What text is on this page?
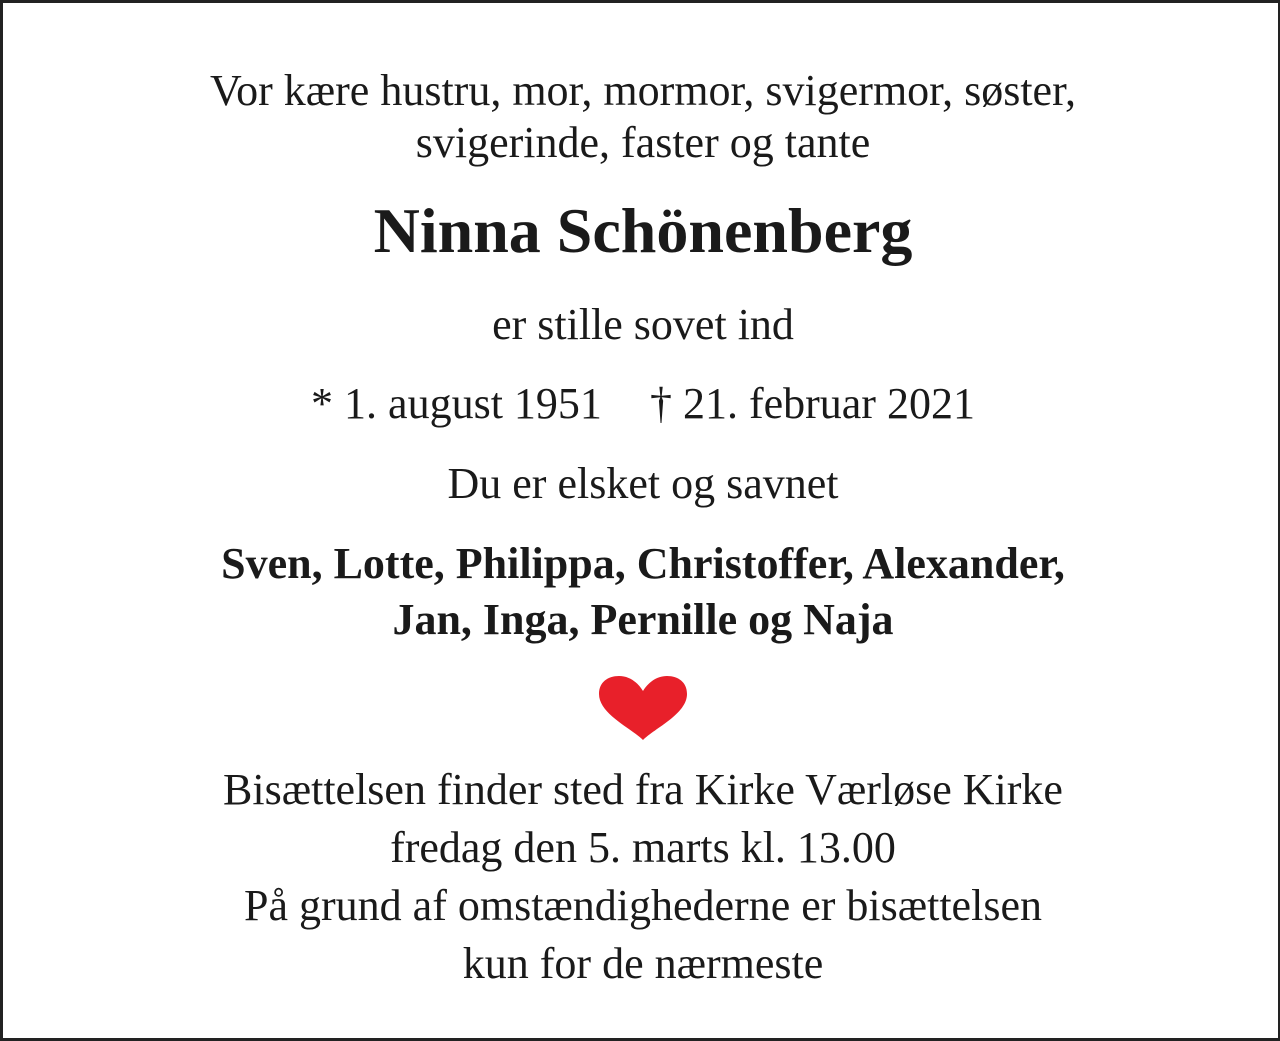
Vor kære hustru, mor, mormor, svigermor, søster,
svigerinde, faster og tante
Ninna Schönenberg
er stille sovet ind
* 1. august 1951 † 21. februar 2021
Du er elsket og savnet
Sven, Lotte, Philippa, Christoffer, Alexander,
Jan, Inga, Pernille og Naja
Bisættelsen finder sted fra Kirke Værløse Kirke
fredag den 5. marts kl. 13.00
På grund af omstændighederne er bisættelsen
kun for de nærmeste
